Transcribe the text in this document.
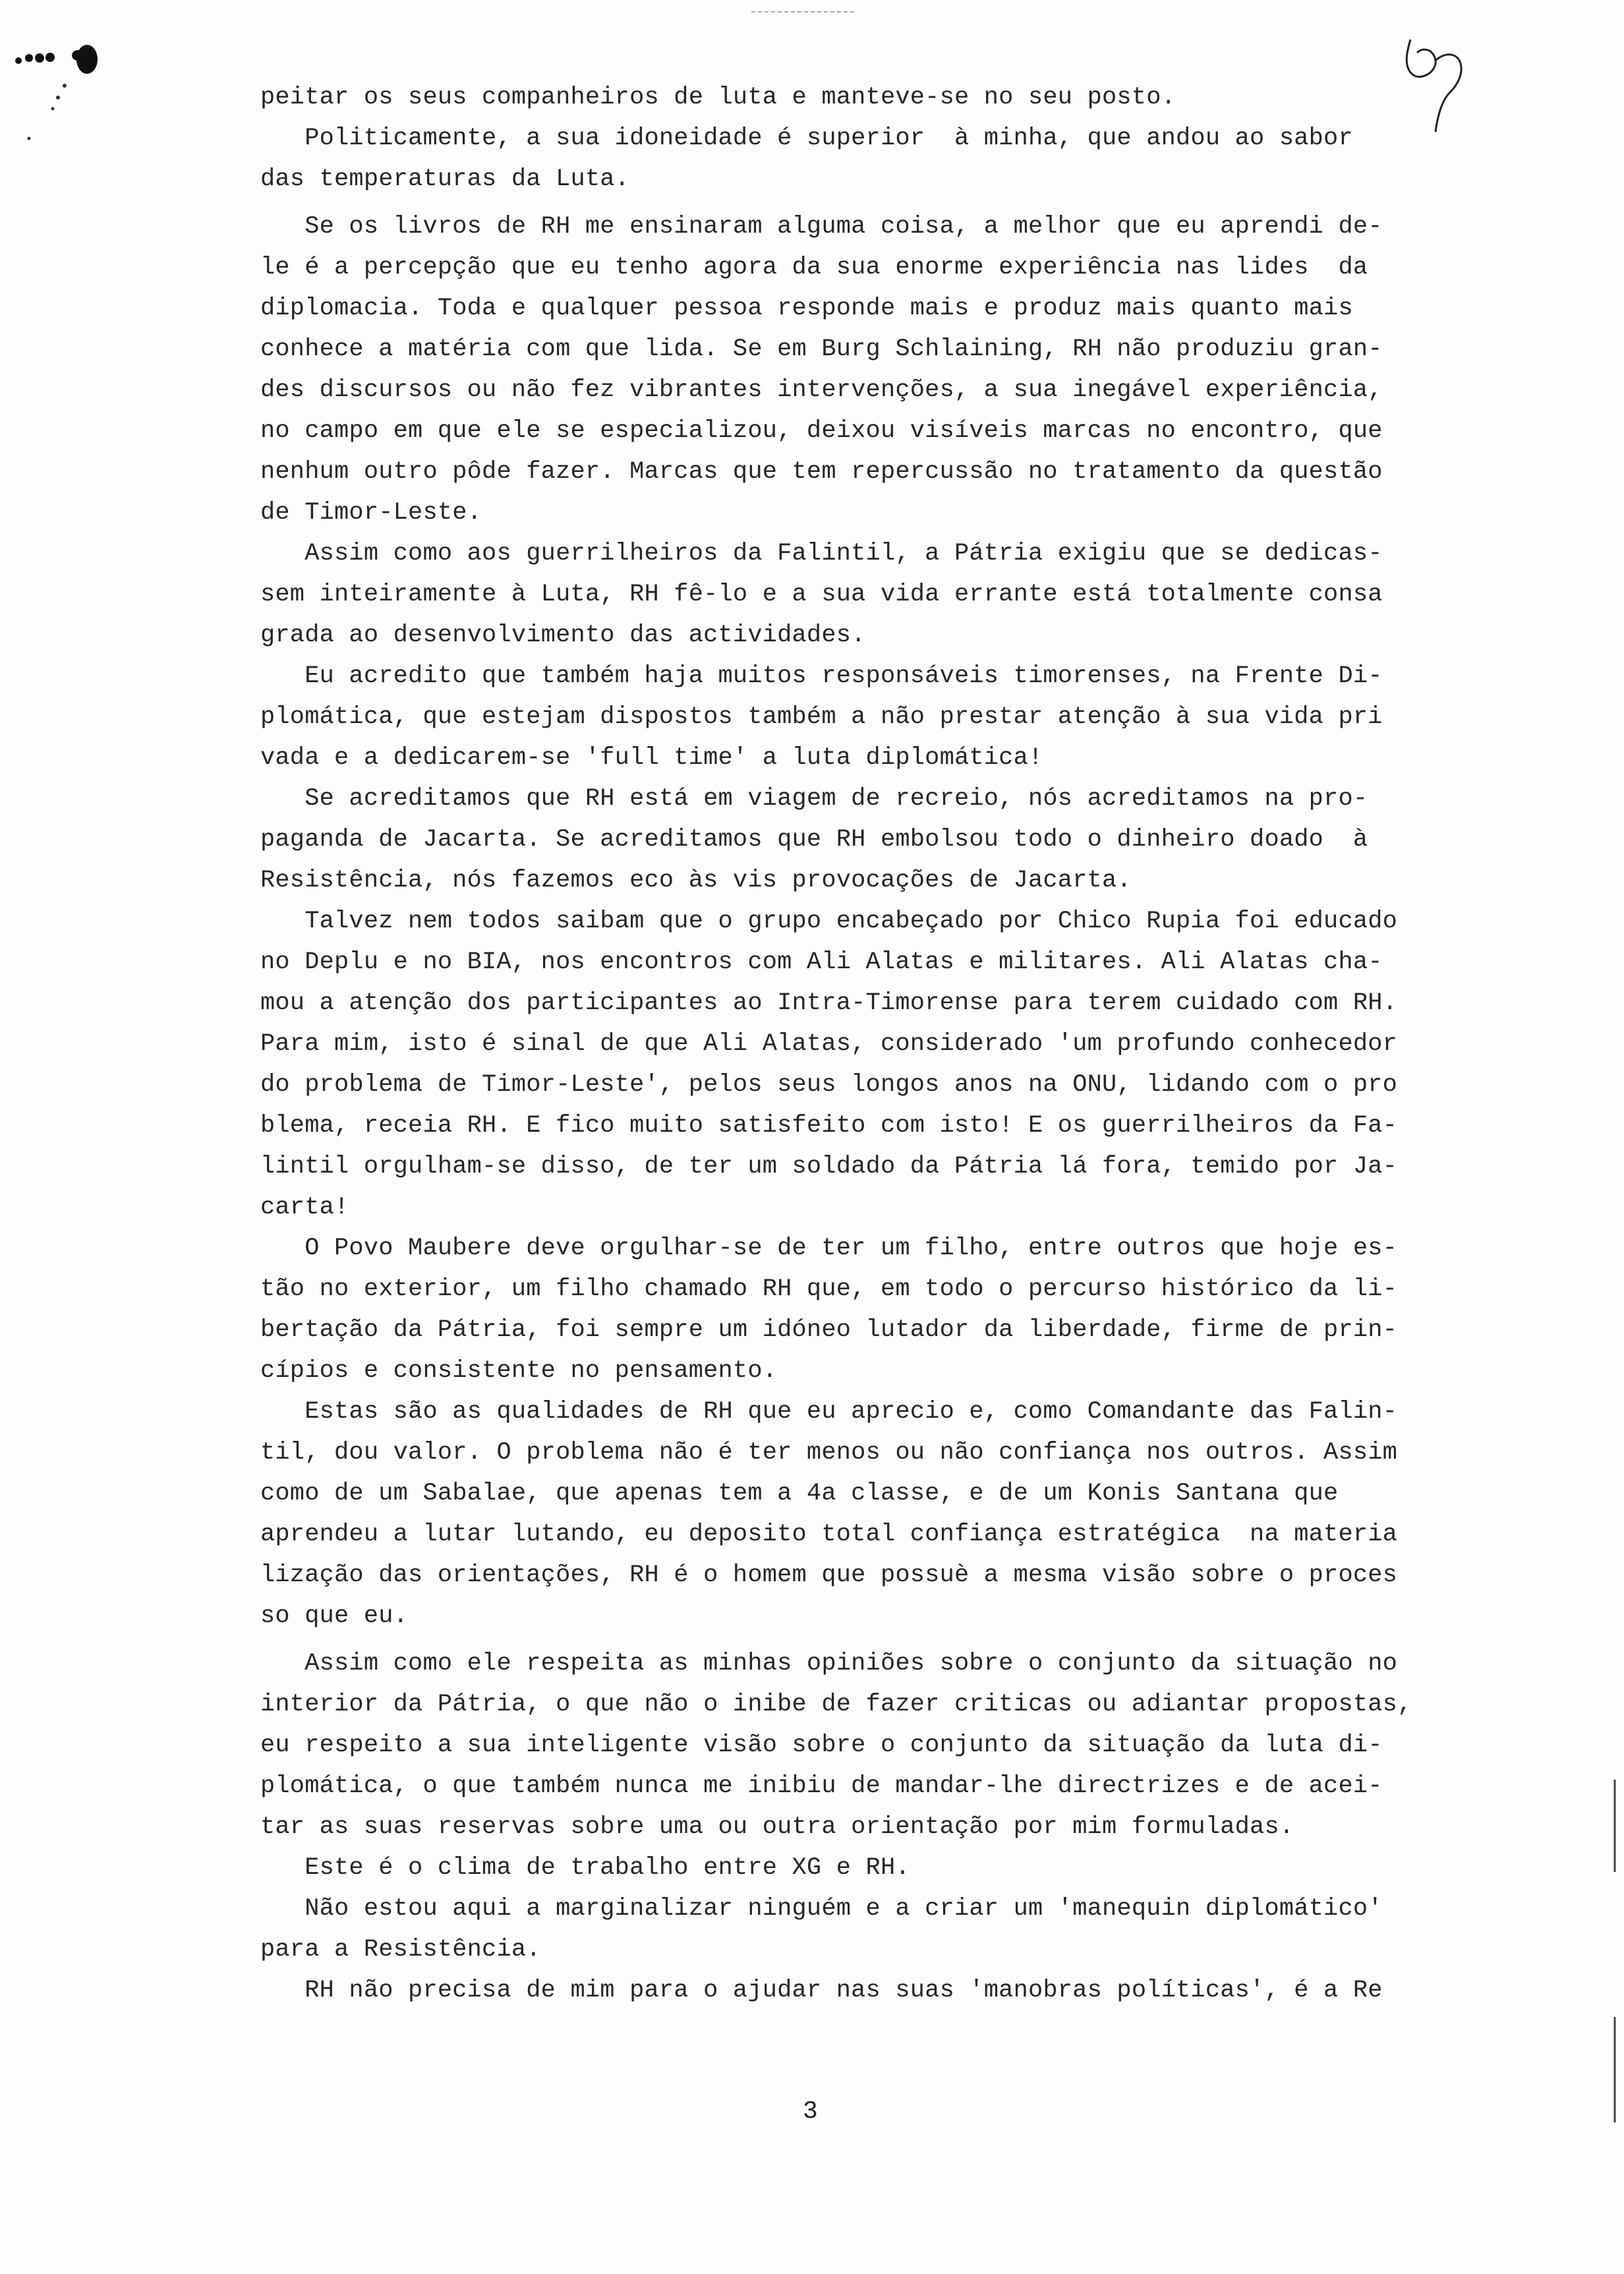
peitar os seus companheiros de luta e manteve-se no seu posto.
Politicamente, a sua idoneidade é superior  à minha, que andou ao sabor
das temperaturas da Luta.
Se os livros de RH me ensinaram alguma coisa, a melhor que eu aprendi de-
le é a percepção que eu tenho agora da sua enorme experiência nas lides  da
diplomacia. Toda e qualquer pessoa responde mais e produz mais quanto mais
conhece a matéria com que lida. Se em Burg Schlaining, RH não produziu gran-
des discursos ou não fez vibrantes intervenções, a sua inegável experiência,
no campo em que ele se especializou, deixou visíveis marcas no encontro, que
nenhum outro pôde fazer. Marcas que tem repercussão no tratamento da questão
de Timor-Leste.
Assim como aos guerrilheiros da Falintil, a Pátria exigiu que se dedicas-
sem inteiramente à Luta, RH fê-lo e a sua vida errante está totalmente consa
grada ao desenvolvimento das actividades.
Eu acredito que também haja muitos responsáveis timorenses, na Frente Di-
plomática, que estejam dispostos também a não prestar atenção à sua vida pri
vada e a dedicarem-se 'full time' a luta diplomática!
Se acreditamos que RH está em viagem de recreio, nós acreditamos na pro-
paganda de Jacarta. Se acreditamos que RH embolsou todo o dinheiro doado  à
Resistência, nós fazemos eco às vis provocações de Jacarta.
Talvez nem todos saibam que o grupo encabeçado por Chico Rupia foi educado
no Deplu e no BIA, nos encontros com Ali Alatas e militares. Ali Alatas cha-
mou a atenção dos participantes ao Intra-Timorense para terem cuidado com RH.
Para mim, isto é sinal de que Ali Alatas, considerado 'um profundo conhecedor
do problema de Timor-Leste', pelos seus longos anos na ONU, lidando com o pro
blema, receia RH. E fico muito satisfeito com isto! E os guerrilheiros da Fa-
lintil orgulham-se disso, de ter um soldado da Pátria lá fora, temido por Ja-
carta!
O Povo Maubere deve orgulhar-se de ter um filho, entre outros que hoje es-
tão no exterior, um filho chamado RH que, em todo o percurso histórico da li-
bertação da Pátria, foi sempre um idóneo lutador da liberdade, firme de prin-
cípios e consistente no pensamento.
Estas são as qualidades de RH que eu aprecio e, como Comandante das Falin-
til, dou valor. O problema não é ter menos ou não confiança nos outros. Assim
como de um Sabalae, que apenas tem a 4a classe, e de um Konis Santana que
aprendeu a lutar lutando, eu deposito total confiança estratégica  na materia
lização das orientações, RH é o homem que possuè a mesma visão sobre o proces
so que eu.
Assim como ele respeita as minhas opiniões sobre o conjunto da situação no
interior da Pátria, o que não o inibe de fazer criticas ou adiantar propostas,
eu respeito a sua inteligente visão sobre o conjunto da situação da luta di-
plomática, o que também nunca me inibiu de mandar-lhe directrizes e de acei-
tar as suas reservas sobre uma ou outra orientação por mim formuladas.
Este é o clima de trabalho entre XG e RH.
Não estou aqui a marginalizar ninguém e a criar um 'manequin diplomático'
para a Resistência.
RH não precisa de mim para o ajudar nas suas 'manobras políticas', é a Re
3
